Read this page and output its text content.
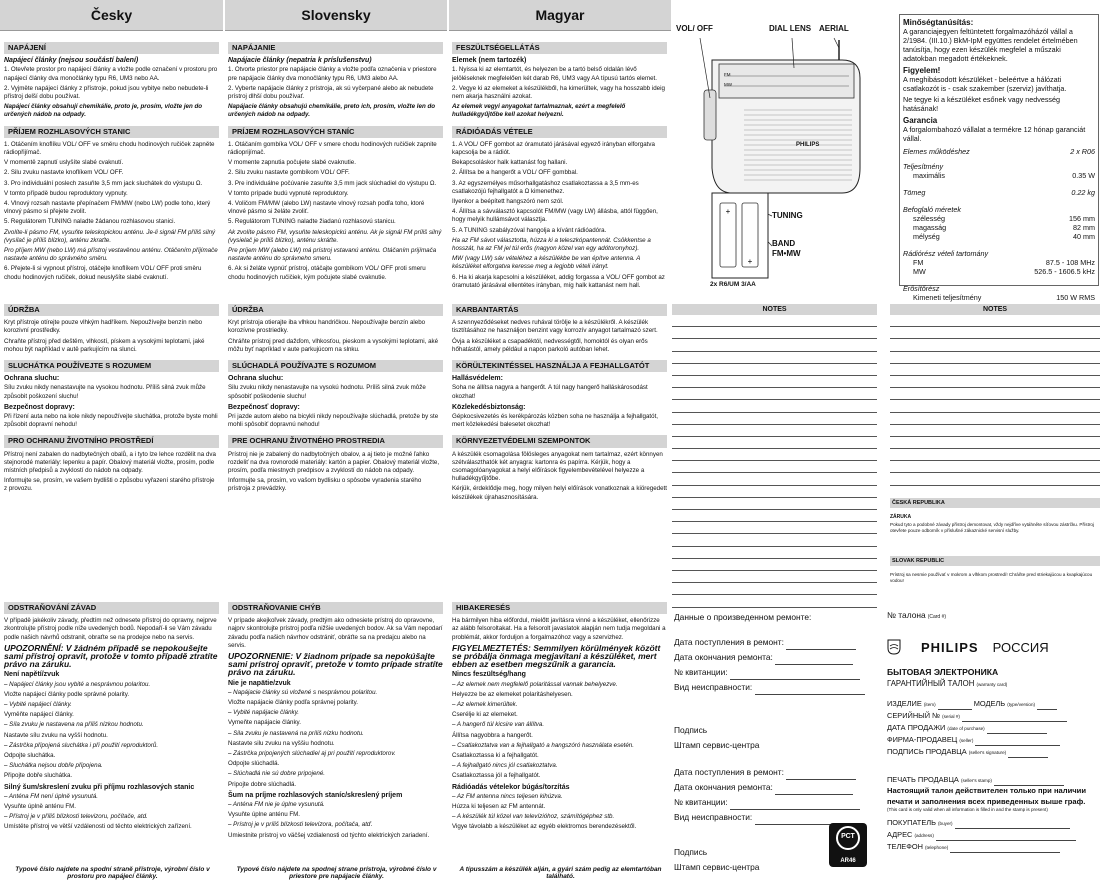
Česky	Slovensky	Magyar
NAPÁJENÍ
Napájecí články (nejsou součástí balení)

1. Otevřete prostor pro napájecí články a vložte podle označení v prostoru pro napájecí články dva monočlánky typu R6, UM3 nebo AA.

2. Vyjměte napájecí články z přístroje, pokud jsou vybitye nebo nebudete-li přístroj delší dobu používat.

Napájecí články obsahují chemikálie, proto je, prosím, vložte jen do určených nádob na odpady.

PŘÍJEM ROZHLASOVÝCH STANIC

1. Otáčením knoflíku VOL/ OFF ve směru chodu hodinových ručiček zapněte rádiopřijímač.

V momentě zapnutí uslyšíte slabé cvaknutí.

2. Silu zvuku nastavte knoflíkem VOL/ OFF.

3. Pro individuální poslech zasuňte 3,5 mm jack sluchátek do výstupu Ω.

V tomto případě budou reproduktory vypnuty.

4. Vlnový rozsah nastavte přepínačem FM/MW (nebo LW) podle toho, který vlnový pásmo si přejete zvolit.

5. Regulátorem TUNING naladte žádanou rozhlasovou stanici.

Zvolíte-li pásmo FM, vysuňte teleskopickou anténu. Je-li signál FM příliš silný (vysílač je příliš blízko), anténu zkraťte.

Pro příjem MW (nebo LW) má přístroj vestavěnou anténu. Otáčením přijímače nastavte anténu do správného směru.

6. Přejete-li si vypnout přístroj, otáčejte knoflíkem VOL/ OFF proti směru chodu hodinových ručiček, dokud neuslyšíte slabé cvaknutí.

NAPÁJANIE
Napájacie články (nepatria k príslušenstvu)

1. Otvorte priestor pre napájacie články a vložte podľa označenia v priestore pre napájacie články dva monočlánky typu R6, UM3 alebo AA.

2. Vyberte napájacie články z prístroja, ak sú vyčerpané alebo ak nebudete prístroj dlhší dobu používať.

Napájacie články obsahujú chemikálie, preto ich, prosím, vložte len do určených nádob na odpady.

PRÍJEM ROZHLASOVÝCH STANÍC

1. Otáčaním gombíka VOL/ OFF v smere chodu hodinových ručičiek zapnite rádioprijímač.

V momente zapnutia počujete slabé cvaknutie.

2. Silu zvuku nastavte gombíkom VOL/ OFF.

3. Pre individuálne počúvanie zasuňte 3,5 mm jack slúchadiel do výstupu Ω.

V tomto prípade budú vypnuté reproduktory.

4. Voličom FM/MW (alebo LW) nastavte vlnový rozsah podľa toho, ktoré vlnové pásmo si želáte zvoliť.

5. Regulátorom TUNING naladte žiadanú rozhlasovú stanicu.

Ak zvolíte pásmo FM, vysuňte teleskopickú anténu. Ak je signál FM príliš silný (vysielač je príliš blízko), anténu skráťte.

Pre príjem MW (alebo LW) má prístroj vstavanú anténu. Otáčaním prijímača nastavte anténu do správneho smeru.

6. Ak si želáte vypnúť prístroj, otáčajte gombíkom VOL/ OFF proti smeru chodu hodinových ručičiek, kým počujete slabé cvaknutie.

FESZÜLTSÉGELLÁTÁS
Elemek (nem tartozék)

1. Nyissa ki az elemtartót, és helyezen be a tartó belső oldalán lévő jelöléseknek megfelelően két darab R6, UM3 vagy AA típusú tartós elemet.

2. Vegye ki az elemeket a készülékből, ha kimerültek, vagy ha hosszabb ideig nem akarja használni azokat.

Az elemek vegyi anyagokat tartalmaznak, ezért a megfelelő hulladékgyűjtőbe kell azokat helyezni.

RÁDIÓADÁS VÉTELE

1. A VOL/ OFF gombot az óramutató járásával egyező irányban elforgatva kapcsolja be a rádiót.

Bekapcsoláskor halk kattanást fog hallani.

2. Állítsa be a hangerőt a VOL/ OFF gombbal.

3. Az egyszemélyes műsorhallgatáshoz csatlakoztassa a 3,5 mm-es csatlakozójú fejhallgatót a Ω kimenethez.

Ilyenkor a beépített hangszóró nem szól.

4. Állítsa a sávválasztó kapcsolót FM/MW (vagy LW) állásba, attól függően, hogy melyik hullámsávot választja.

5. A TUNING szabályzóval hangolja a kívánt rádióadóra.

Ha az FM sávot választotta, húzza ki a teleszkópantennát. Csökkentse a hosszát, ha az FM jel túl erős (nagyon közel van egy adótoronyhoz).

MW (vagy LW) sáv vételéhez a készülékbe be van építve antenna. A készüléket elforgatva keresse meg a legjobb vételi irányt.

6. Ha ki akarja kapcsolni a készüléket, addig forgassa a VOL/ OFF gombot az óramutató járásával ellentétes irányban, míg halk kattanást nem hall.

+
+
VOL/ OFF	DIAL LENS AERIAL
TUNING
BAND
FM•MW
2x R6/UM 3/AA
PHILIPS
FM
MW
Minőségtanúsítás:
A garanciajegyen feltüntetett forgalmazóházól vállal a 2/1984. (III.10.) BkM-IpM együttes rendelet értelmében tanúsítja, hogy ezen készülék megfelel a műszaki adatokban megadott értékeknek.
Figyelem!
A meghibásodott készüléket - beleértve a hálózati csatlakozót is - csak szakember (szerviz) javíthatja.
Ne tegye ki a készüléket esőnek vagy nedvesség hatásának!
Garancia
A forgalombahozó vállalat a termékre 12 hónap garanciát vállal.
Elemes működéshez	2 x R06
Teljesítmény
maximális	0.35 W
Tömeg	0.22 kg
Befoglaló méretek
szélesség	156 mm
magasság	82 mm
mélység	40 mm
Rádiórész vételi tartomány
FM	87.5 - 108 MHz
MW	526.5 - 1606.5 kHz
Erősítőrész
Kimeneti teljesítmény	150 W RMS
ÚDRŽBA

Kryt přístroje otírejte pouze vlhkým hadříkem. Nepoužívejte benzín nebo korozivní prostředky.

Chraňte přístroj před deštěm, vlhkostí, pískem a vysokými teplotami, jaké mohou být například v autě parkujícím na slunci.

SLUCHÁTKA POUŽÍVEJTE S ROZUMEM
Ochrana sluchu:

Sílu zvuku nikdy nenastavujte na vysokou hodnotu. Příliš silná zvuk může způsobit poškození sluchu!

Bezpečnost dopravy:

Při řízení auta nebo na kole nikdy nepoužívejte sluchátka, protože byste mohli způsobit dopravní nehodu!

PRO OCHRANU ŽIVOTNÍHO PROSTŘEDÍ

Přístroj není zabalen do nadbytečných obalů, a i tyto lze lehce rozdělit na dva stejnorodé materiály: lepenku a papír. Obalový materiál vložte, prosím, podle místních předpisů a zvyklostí do nádob na odpady.

Informujte se, prosím, ve vašem bydlišti o způsobu vyřazení starého přístroje z provozu.

ÚDRŽBA

Kryt prístroja otierajte iba vlhkou handričkou. Nepoužívajte benzín alebo korozívne prostriedky.

Chráňte prístroj pred dažďom, vlhkosťou, pieskom a vysokými teplotami, aké môžu byť napríklad v aute parkujúcom na slnku.

SLÚCHADLÁ POUŽÍVAJTE S ROZUMOM
Ochrana sluchu:

Silu zvuku nikdy nenastavujte na vysokú hodnotu. Príliš silná zvuk môže spôsobiť poškodenie sluchu!

Bezpečnosť dopravy:

Pri jazde autom alebo na bicykli nikdy nepoužívajte slúchadlá, pretože by ste mohli spôsobiť dopravnú nehodu!

PRE OCHRANU ŽIVOTNÉHO PROSTREDIA

Prístroj nie je zabalený do nadbytočných obalov, a aj tieto je možné ľahko rozdeliť na dva rovnorodé materiály: kartón a papier. Obalový materiál vložte, prosím, podľa miestnych predpisov a zvyklostí do nádob na odpady.

Informujte sa, prosím, vo vašom bydlisku o spôsobe vyradenia starého prístroja z prevádzky.

KARBANTARTÁS

A szennyeződéseket nedves ruhával törölje le a készülékről. A készülék tisztításához ne használjon benzint vagy korrozív anyagot tartalmazó szert.

Óvja a készüléket a csapadéktól, nedvességtől, homoktól és olyan erős hőhatástól, amely például a napon parkoló autóban lehet.

KÖRÜLTEKINTÉSSEL HASZNÁLJA A FEJHALLGATÓT
Hallásvédelem:

Soha ne állítsa nagyra a hangerőt. A túl nagy hangerő halláskárosodást okozhat!

Közlekedésbiztonság:

Gépkocsivezetés és kerékpározás közben soha ne használja a fejhallgatót, mert közlekedési balesetet okozhat!

KÖRNYEZETVÉDELMI SZEMPONTOK

A készülék csomagolása fölösleges anyagokat nem tartalmaz, ezért könnyen szétválaszthatók két anyagra: kartonra és papírra. Kérjük, hogy a csomagolóanyagokat a helyi előírások figyelembevételével helyezze a hulladékgyűjtőbe.

Kérjük, érdeklődje meg, hogy milyen helyi előírások vonatkoznak a kiöregedett készülékek újrahasznosítására.

NOTES	NOTES
ČESKÁ REPUBLIKA
ZÁRUKA
Pokud tyto a podobné závady přístroj demontovat, vždy nejdříve vytáhněte síťovou zástrčku. Přístroj otevřete pouze odborník v příslušné zákaznické servisní služby.
SLOVAK REPUBLIC
Prístroj sa nesmie používať v mokrom a vlhkom prostredí! Chráňte pred striekajúcou a kvapkajúcou vodou!
ODSTRAŇOVÁNÍ ZÁVAD

V případě jakékoliv závady, předtím než odnesete přístroj do opravny, nejprve zkontrolujte přístroj podle níže uvedených bodů. Nepodaří-li se Vám závadu podle našich návrhů odstranit, obraťte se na prodejce nebo na servis.

UPOZORNĚNÍ: V žádném případě se nepokoušejte sami přístroj opravit, protože v tomto případě ztratíte právo na záruku.

Není napětí/zvuk

– Napájecí články jsou vybité a nesprávnou polaritou.

Vložte napájecí články podle správné polarity.

– Vybité napájecí články.

Vyměňte napájecí články.

– Síla zvuku je nastavena na příliš nízkou hodnotu.

Nastavte sílu zvuku na vyšší hodnotu.

– Zástrčka připojená sluchátka i při použití reproduktorů.

Odpojte sluchátka.

– Sluchátka nejsou dobře připojena.

Připojte dobře sluchátka.

Silný šum/skreslení zvuku při příjmu rozhlasových stanic

– Anténa FM není úplně vysunutá.

Vysuňte úplně anténu FM.

– Přístroj je v příliš blízkosti televizoru, počítače, atd.

Umístěte přístroj ve větší vzdálenosti od těchto elektrických zařízení.

ODSTRAŇOVANIE CHÝB

V prípade akejkoľvek závady, predtým ako odnesiete prístroj do opravovne, najprv skontrolujte prístroj podľa nižšie uvedených bodov. Ak sa Vám nepodarí závadu podľa našich návrhov odstrániť, obráťte sa na predajcu alebo na servis.

UPOZORNENIE: V žiadnom prípade sa nepokúšajte sami prístroj opraviť, pretože v tomto prípade stratíte právo na záruku.

Nie je napätie/zvuk

– Napájacie články sú vložené s nesprávnou polaritou.

Vložte napájacie články podľa správnej polarity.

– Vybité napájacie články.

Vymeňte napájacie články.

– Sila zvuku je nastavená na príliš nízku hodnotu.

Nastavte silu zvuku na vyššiu hodnotu.

– Zástrčka pripojených slúchadiel aj pri použití reproduktorov.

Odpojte slúchadlá.

– Slúchadlá nie sú dobre pripojené.

Pripojte dobre slúchadlá.

Šum na príjme rozhlasových staníc/skreslený príjem

– Anténa FM nie je úplne vysunutá.

Vysuňte úplne anténu FM.

– Prístroj je v príliš blízkosti televízora, počítača, atď.

Umiestnite prístroj vo väčšej vzdialenosti od týchto elektrických zariadení.

HIBAKERESÉS

Ha bármilyen hiba előfordul, mielőtt javításra vinné a készüléket, ellenőrizze az alább felsoroltakat. Ha a felsorolt javaslatok alapján nem tudja megoldani a problémát, akkor forduljon a forgalmazóhoz vagy a szervizhez.

FIGYELMEZTETÉS: Semmilyen körülmények között se próbálja önmaga megjavítani a készüléket, mert ebben az esetben megszűnik a garancia.

Nincs feszültség/hang

– Az elemek nem megfelelő polaritással vannak behelyezve.

Helyezze be az elemeket polaritáshelyesen.

– Az elemek kimerültek.

Cserélje ki az elemeket.

– A hangerő túl kicsire van állítva.

Állítsa nagyobbra a hangerőt.

– Csatlakoztatva van a fejhallgató a hangszóró használata esetén.

Csatlakoztassa ki a fejhallgatót.

– A fejhallgató nincs jól csatlakoztatva.

Csatlakoztassa jól a fejhallgatót.

Rádióadás vételekor búgás/torzítás

– Az FM antenna nincs teljesen kihúzva.

Húzza ki teljesen az FM antennát.

– A készülék túl közel van televízióhoz, számítógéphez stb.

Vigye távolabb a készüléket az egyéb elektromos berendezésektől.

Typové číslo najdete na spodní straně přístroje, výrobní číslo v prostoru pro napájecí články.
Typové číslo nájdete na spodnej strane prístroja, výrobné číslo v priestore pre napájacie články.
A típusszám a készülék alján, a gyári szám pedig az elemtartóban található.
Данные о произведенном ремонте:
Дата поступления в ремонт:
Дата окончания ремонта:
№ квитанции:
Вид неисправности:
Подпись
Штамп сервис-центра
Дата поступления в ремонт:
Дата окончания ремонта:
№ квитанции:
Вид неисправности:
Подпись
Штамп сервис-центра
РСТ
AR46
№ талона (Card #)
PHILIPS РОССИЯ
БЫТОВАЯ ЭЛЕКТРОНИКА
ГАРАНТИЙНЫЙ ТАЛОН (warranty card)
ИЗДЕЛИЕ (item)	МОДЕЛЬ (type/version)
СЕРИЙНЫЙ № (serial #)
ДАТА ПРОДАЖИ (date of purchase)
ФИРМА-ПРОДАВЕЦ (seller)
ПОДПИСЬ ПРОДАВЦА (seller's signature)
ПЕЧАТЬ ПРОДАВЦА (seller's stamp)
Настоящий талон действителен только при наличии печати и заполнения всех приведенных выше граф.
(This card is only valid when all information is filled in and the stamp is present)
ПОКУПАТЕЛЬ (buyer)
АДРЕС (address)
ТЕЛЕФОН (telephone)
